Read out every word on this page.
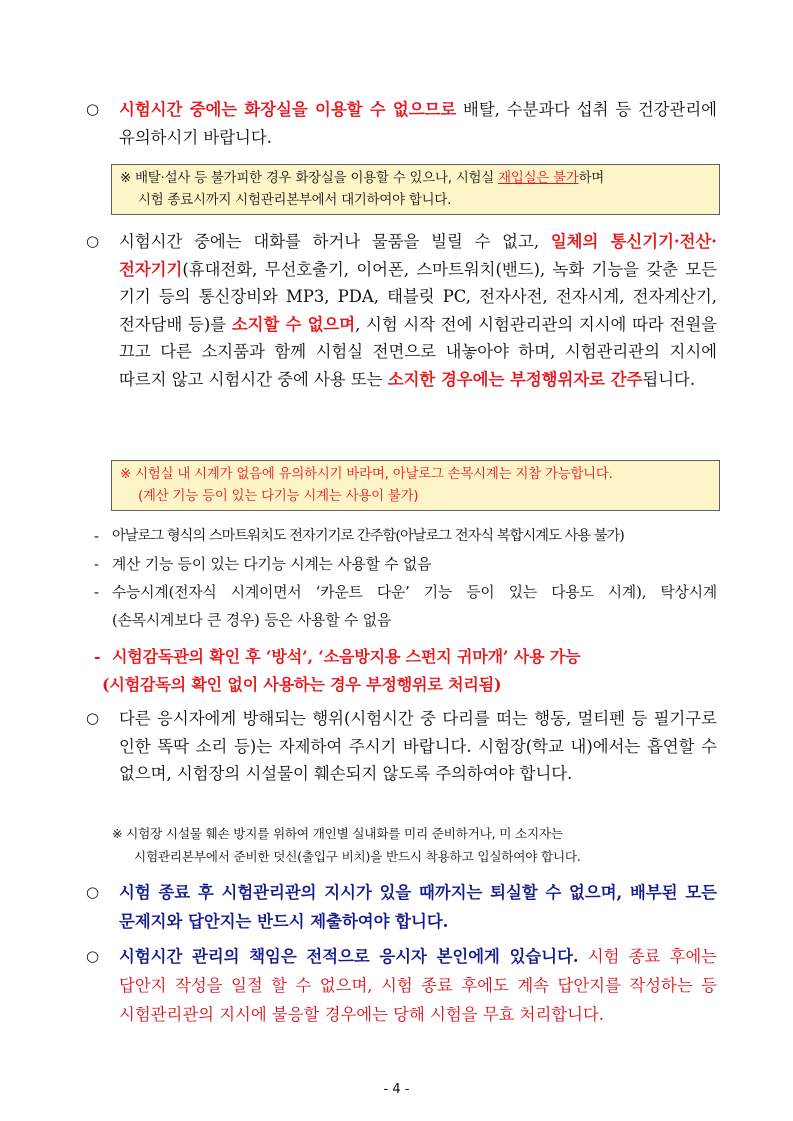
○ 시험시간 중에는 화장실을 이용할 수 없으므로 배탈, 수분과다 섭취 등 건강관리에 유의하시기 바랍니다.
※ 배탈·설사 등 불가피한 경우 화장실을 이용할 수 있으나, 시험실 재입실은 불가하며
시험 종료시까지 시험관리본부에서 대기하여야 합니다.
○ 시험시간 중에는 대화를 하거나 물품을 빌릴 수 없고, 일체의 통신기기·전산·전자기기(휴대전화, 무선호출기, 이어폰, 스마트워치(밴드), 녹화 기능을 갖춘 모든 기기 등의 통신장비와 MP3, PDA, 태블릿 PC, 전자사전, 전자시계, 전자계산기, 전자담배 등)를 소지할 수 없으며, 시험 시작 전에 시험관리관의 지시에 따라 전원을 끄고 다른 소지품과 함께 시험실 전면으로 내놓아야 하며, 시험관리관의 지시에 따르지 않고 시험시간 중에 사용 또는 소지한 경우에는 부정행위자로 간주됩니다.
※ 시험실 내 시계가 없음에 유의하시기 바라며, 아날로그 손목시계는 지참 가능합니다.
(계산 기능 등이 있는 다기능 시계는 사용이 불가)
- 아날로그 형식의 스마트워치도 전자기기로 간주함(아날로그 전자식 복합시계도 사용 불가)
- 계산 기능 등이 있는 다기능 시계는 사용할 수 없음
- 수능시계(전자식 시계이면서 ‘카운트 다운’ 기능 등이 있는 다용도 시계), 탁상시계(손목시계보다 큰 경우) 등은 사용할 수 없음
- 시험감독관의 확인 후 ‘방석’, ‘소음방지용 스펀지 귀마개’ 사용 가능
(시험감독의 확인 없이 사용하는 경우 부정행위로 처리됨)
○ 다른 응시자에게 방해되는 행위(시험시간 중 다리를 떠는 행동, 멀티펜 등 필기구로 인한 똑딱 소리 등)는 자제하여 주시기 바랍니다. 시험장(학교 내)에서는 흡연할 수 없으며, 시험장의 시설물이 훼손되지 않도록 주의하여야 합니다.
※ 시험장 시설물 훼손 방지를 위하여 개인별 실내화를 미리 준비하거나, 미 소지자는
시험관리본부에서 준비한 덧신(출입구 비치)을 반드시 착용하고 입실하여야 합니다.
○ 시험 종료 후 시험관리관의 지시가 있을 때까지는 퇴실할 수 없으며, 배부된 모든 문제지와 답안지는 반드시 제출하여야 합니다.
○ 시험시간 관리의 책임은 전적으로 응시자 본인에게 있습니다. 시험 종료 후에는 답안지 작성을 일절 할 수 없으며, 시험 종료 후에도 계속 답안지를 작성하는 등 시험관리관의 지시에 불응할 경우에는 당해 시험을 무효 처리합니다.
- 4 -
